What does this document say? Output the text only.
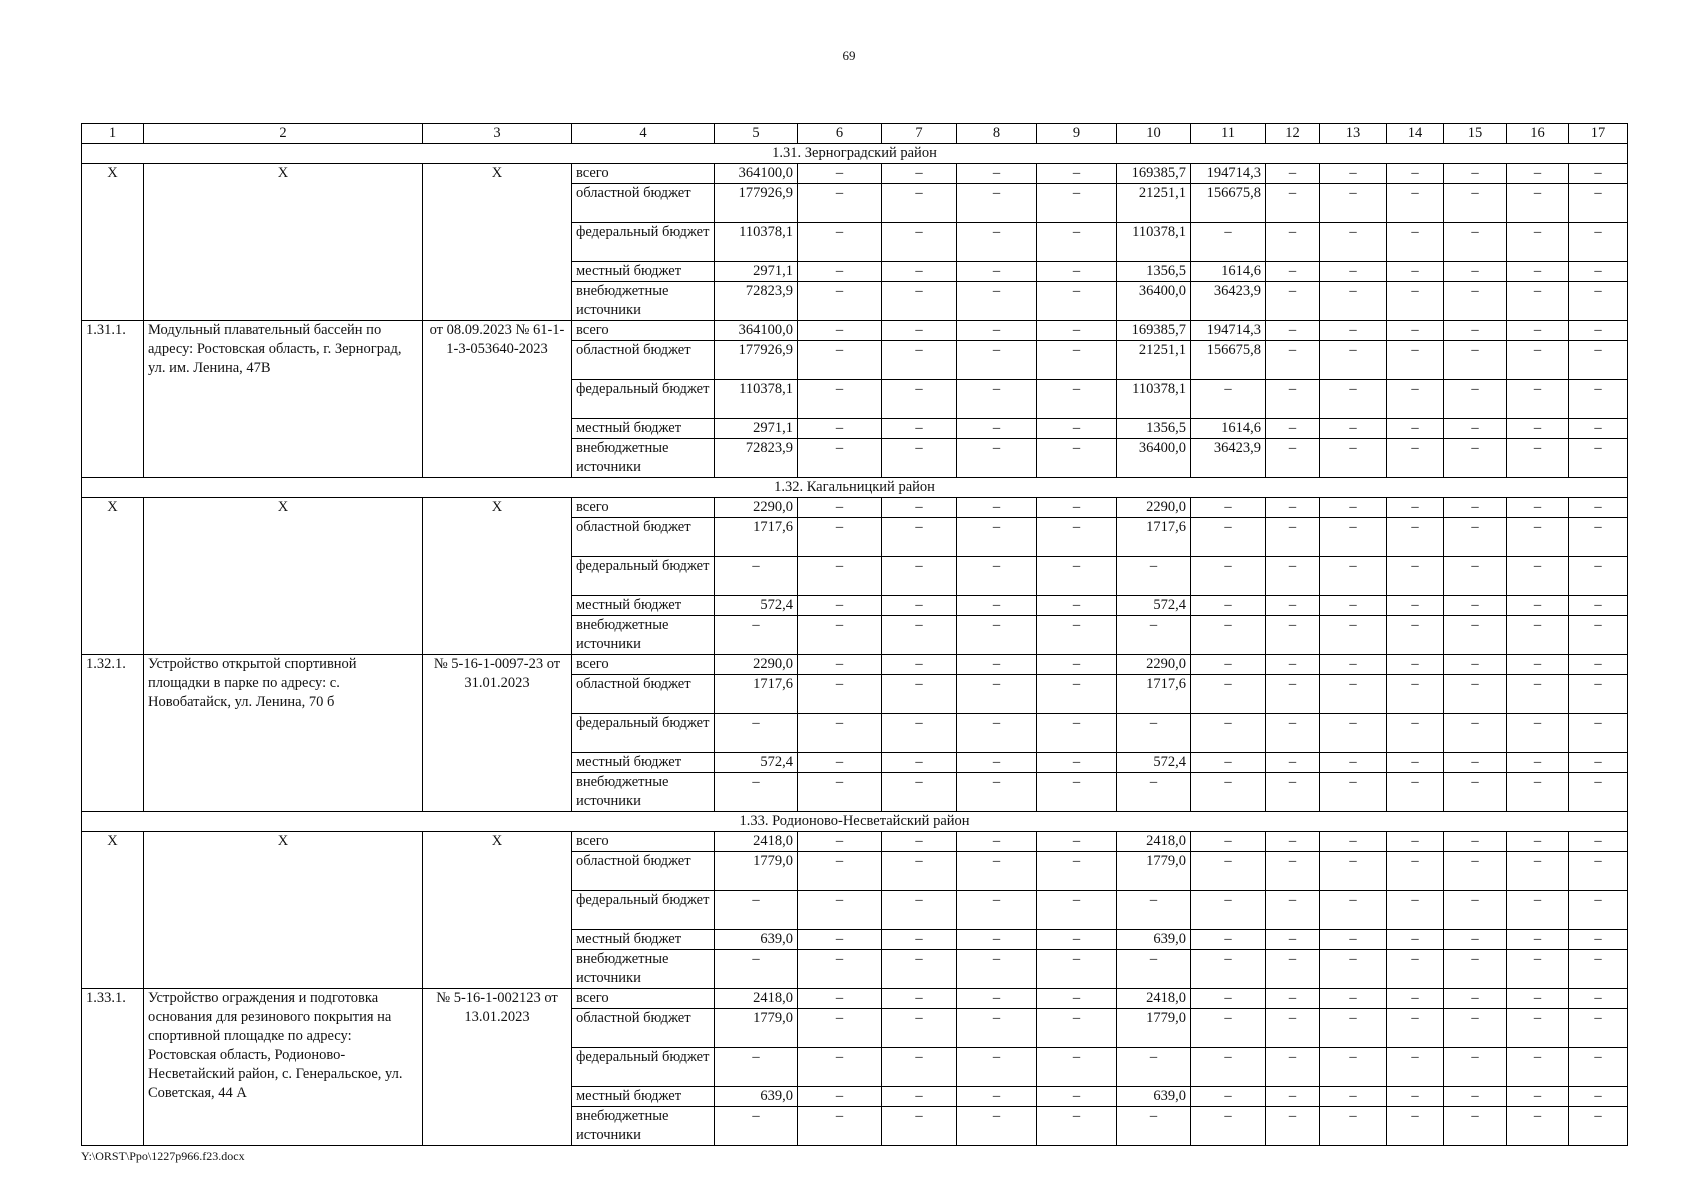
69
1	2	3	4	5	6	7	8	9	10	11	12	13	14	15	16	17
1.31. Зерноградский район																
X	X	X	всего	364100,0	–	–	–	–	169385,7	194714,3	–	–	–	–	–	–
			областной бюджет	177926,9	–	–	–	–	21251,1	156675,8	–	–	–	–	–	–
			федеральный бюджет	110378,1	–	–	–	–	110378,1	–	–	–	–	–	–	–
			местный бюджет	2971,1	–	–	–	–	1356,5	1614,6	–	–	–	–	–	–
			внебюджетные источники	72823,9	–	–	–	–	36400,0	36423,9	–	–	–	–	–	–
1.31.1.	Модульный плавательный бассейн по адресу: Ростовская область, г. Зерноград, ул. им. Ленина, 47В	от 08.09.2023 № 61-1-1-3-053640-2023	всего	364100,0	–	–	–	–	169385,7	194714,3	–	–	–	–	–	–
			областной бюджет	177926,9	–	–	–	–	21251,1	156675,8	–	–	–	–	–	–
			федеральный бюджет	110378,1	–	–	–	–	110378,1	–	–	–	–	–	–	–
			местный бюджет	2971,1	–	–	–	–	1356,5	1614,6	–	–	–	–	–	–
			внебюджетные источники	72823,9	–	–	–	–	36400,0	36423,9	–	–	–	–	–	–
1.32. Кагальницкий район																
X	X	X	всего	2290,0	–	–	–	–	2290,0	–	–	–	–	–	–	–
			областной бюджет	1717,6	–	–	–	–	1717,6	–	–	–	–	–	–	–
			федеральный бюджет	–	–	–	–	–	–	–	–	–	–	–	–	–
			местный бюджет	572,4	–	–	–	–	572,4	–	–	–	–	–	–	–
			внебюджетные источники	–	–	–	–	–	–	–	–	–	–	–	–	–
1.32.1.	Устройство открытой спортивной площадки в парке по адресу: с. Новобатайск, ул. Ленина, 70 б	№ 5-16-1-0097-23 от 31.01.2023	всего	2290,0	–	–	–	–	2290,0	–	–	–	–	–	–	–
			областной бюджет	1717,6	–	–	–	–	1717,6	–	–	–	–	–	–	–
			федеральный бюджет	–	–	–	–	–	–	–	–	–	–	–	–	–
			местный бюджет	572,4	–	–	–	–	572,4	–	–	–	–	–	–	–
			внебюджетные источники	–	–	–	–	–	–	–	–	–	–	–	–	–
1.33. Родионово-Несветайский район																
X	X	X	всего	2418,0	–	–	–	–	2418,0	–	–	–	–	–	–	–
			областной бюджет	1779,0	–	–	–	–	1779,0	–	–	–	–	–	–	–
			федеральный бюджет	–	–	–	–	–	–	–	–	–	–	–	–	–
			местный бюджет	639,0	–	–	–	–	639,0	–	–	–	–	–	–	–
			внебюджетные источники	–	–	–	–	–	–	–	–	–	–	–	–	–
1.33.1.	Устройство ограждения и подготовка основания для резинового покрытия на спортивной площадке по адресу: Ростовская область, Родионово-Несветайский район, с. Генеральское, ул. Советская, 44 А	№ 5-16-1-002123 от 13.01.2023	всего	2418,0	–	–	–	–	2418,0	–	–	–	–	–	–	–
			областной бюджет	1779,0	–	–	–	–	1779,0	–	–	–	–	–	–	–
			федеральный бюджет	–	–	–	–	–	–	–	–	–	–	–	–	–
			местный бюджет	639,0	–	–	–	–	639,0	–	–	–	–	–	–	–
			внебюджетные источники	–	–	–	–	–	–	–	–	–	–	–	–	–
Y:\ORST\Ppo\1227p966.f23.docx
